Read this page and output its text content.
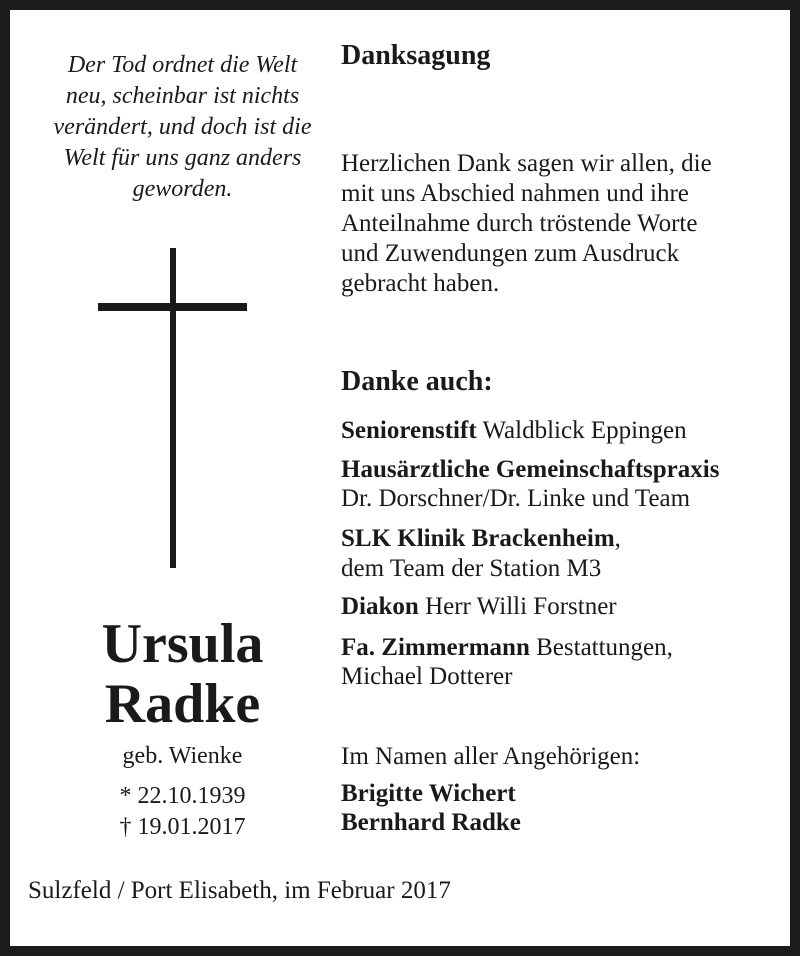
Der Tod ordnet die Welt
neu, scheinbar ist nichts
verändert, und doch ist die
Welt für uns ganz anders
geworden.
Ursula
Radke
geb. Wienke
* 22.10.1939
† 19.01.2017
Danksagung
Herzlichen Dank sagen wir allen, die
mit uns Abschied nahmen und ihre
Anteilnahme durch tröstende Worte
und Zuwendungen zum Ausdruck
gebracht haben.
Danke auch:
Seniorenstift Waldblick Eppingen
Hausärztliche Gemeinschaftspraxis
Dr. Dorschner/Dr. Linke und Team
SLK Klinik Brackenheim,
dem Team der Station M3
Diakon Herr Willi Forstner
Fa. Zimmermann Bestattungen,
Michael Dotterer
Im Namen aller Angehörigen:
Brigitte Wichert
Bernhard Radke
Sulzfeld / Port Elisabeth, im Februar 2017
